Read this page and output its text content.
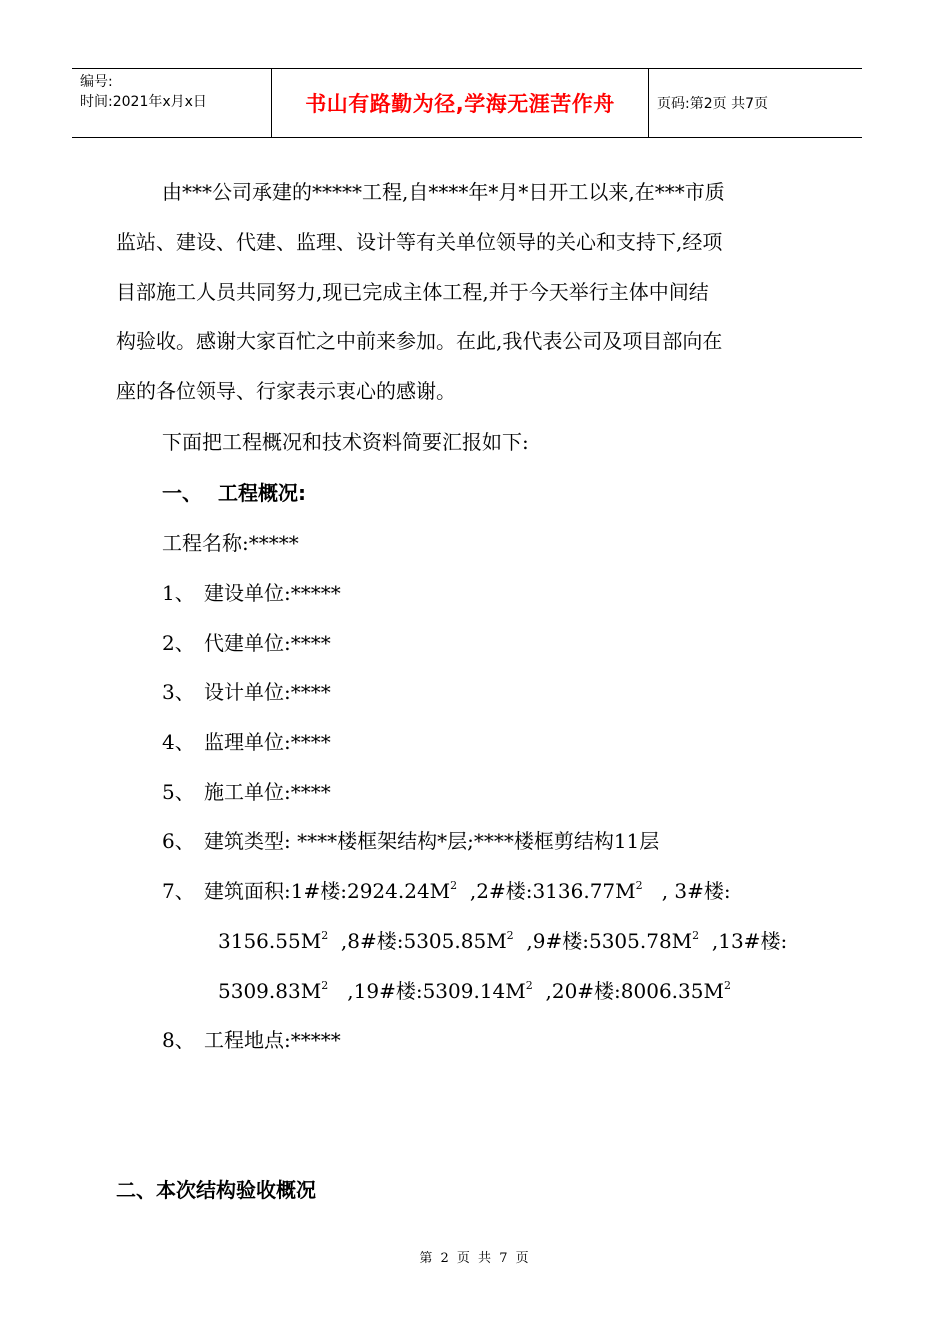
编号:
时间:2021年x月x日	书山有路勤为径,学海无涯苦作舟	页码:第2页 共7页
由***公司承建的*****工程,自****年*月*日开工以来,在***市质
监站、建设、代建、监理、设计等有关单位领导的关心和支持下,经项
目部施工人员共同努力,现已完成主体工程,并于今天举行主体中间结
构验收。感谢大家百忙之中前来参加。在此,我代表公司及项目部向在
座的各位领导、行家表示衷心的感谢。
下面把工程概况和技术资料简要汇报如下:
一、 工程概况:
工程名称:*****
1、 建设单位:*****
2、 代建单位:****
3、 设计单位:****
4、 监理单位:****
5、 施工单位:****
6、 建筑类型: ****楼框架结构*层;****楼框剪结构11层
7、 建筑面积:1#楼$:2924.24M^2$ ,2#楼$:3136.77M^2$ , 3#楼:
$3156.55M^2$ ,8#楼$:5305.85M^2$ ,9#楼$:5305.78M^2$ ,13#楼:
$5309.83M^2$ ,19#楼$:5309.14M^2$ ,20#楼$:8006.35M^2$
8、 工程地点:*****
二、本次结构验收概况
第 2 页 共 7 页
